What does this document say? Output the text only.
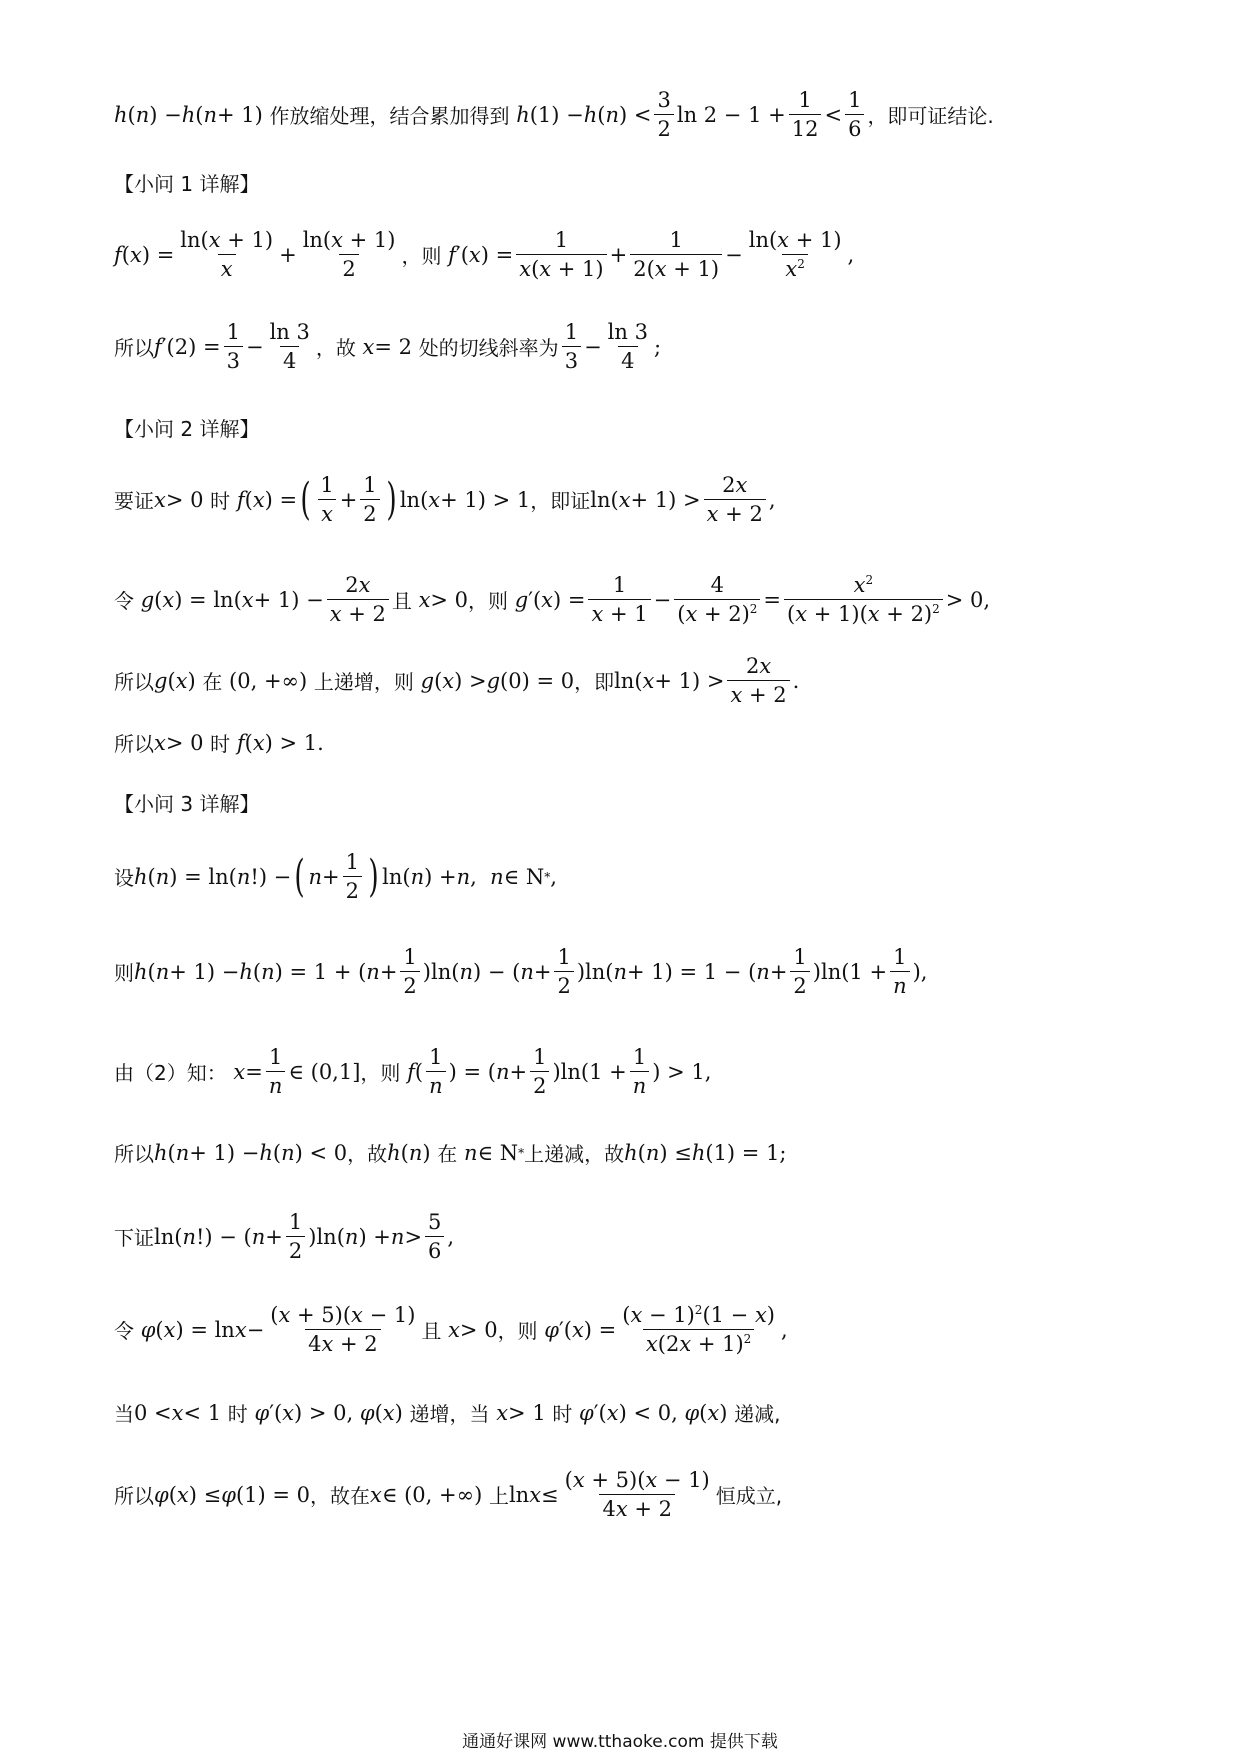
h ( n ) − h ( n + 1) 作放缩处理，结合累加得到
h (1) − h ( n ) < $\frac{3}{2}$ $\ln 2 - 1 + \frac{1}{12} < \frac{1}{6}$ ，即可证结论.
【小问 1 详解】
f ( x ) = $\frac{\ln(x + 1)}{x} + \frac{\ln(x + 1)}{2}$ ，则
f ′( x ) = $\frac{1}{x(x + 1)} + \frac{1}{2(x + 1)} - \frac{\ln(x + 1)}{x^2}$ ,
所以 f $'(2) = \frac{1}{3} - \frac{\ln 3}{4}$ ，故
x = 2 处的切线斜率为 $\frac{1}{3} - \frac{\ln 3}{4}$ ;
【小问 2 详解】
要证 x > 0 时
f ( x ) = ( $\frac{1}{x} + \frac{1}{2}$ ) ln( x + 1) > 1 ，即证 ln( $x + 1) > \frac{2x}{x + 2}$ ,
令
g ( x ) = ln( $x + 1) - \frac{2x}{x + 2}$ 且
x > 0 ，则
g ′( x ) = $\frac{1}{x + 1} - \frac{4}{(x + 2)^2} = \frac{x^2}{(x + 1)(x + 2)^2} > 0$,
所以 g ( x ) 在 (0, +∞) 上递增，则
g ( x ) > g (0) = 0 ，即 ln( $x + 1) > \frac{2x}{x + 2}$ .
所以 x > 0 时
f ( x ) > 1.
【小问 3 详解】
设 h ( n ) = ln( n !) − ( $n + \frac{1}{2}$ ) ln( n ) + n , n ∈ N * ,
则 h ( n + 1) − h ( n ) = 1 + ( $n + \frac{1}{2} )\ln$( n ) − ( $n + \frac{1}{2} )\ln$( n + 1) = 1 − ( $n + \frac{1}{2} )\ln(1 + \frac{1}{n}$ ),
由（2）知：
$x = \frac{1}{n}$ ∈ (0,1] ，则
f ( $\frac{1}{n}$ ) = ( $n + \frac{1}{2} )\ln(1 + \frac{1}{n}$ ) > 1,
所以 h ( n + 1) − h ( n ) < 0 ，故 h ( n ) 在
n ∈ N * 上递减，故 h ( n ) ≤ h (1) = 1;
下证 ln( n !) − ( $n + \frac{1}{2} )\ln$( n ) + $n > \frac{5}{6}$ ,
令
φ ( x ) = $\ln x - \frac{(x + 5)(x - 1)}{4x + 2}$ 且
x > 0 ，则
φ ′( x ) = $\frac{(x - 1)^2(1 - x)}{x(2x + 1)^2}$ ,
当 0 < x < 1 时
φ ′( x ) > 0, φ ( x ) 递增，当
x > 1 时
φ ′( x ) < 0, φ ( x ) 递减,
所以 φ ( x ) ≤ φ (1) = 0 ，故在 x ∈ (0, +∞) 上 $\ln x \le \frac{(x + 5)(x - 1)}{4x + 2}$ 恒成立,
通通好课网 www.tthaoke.com 提供下载
